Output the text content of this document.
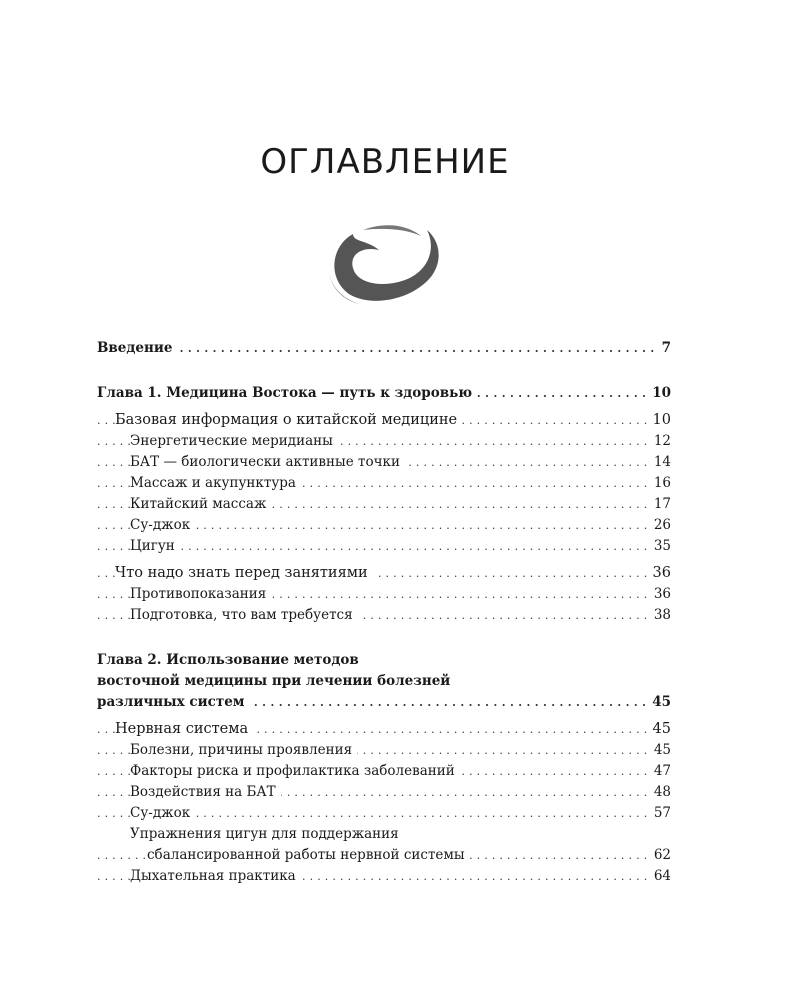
ОГЛАВЛЕНИЕ
. . . Введение	7
. . . Глава 1. Медицина Востока — путь к здоровью	10
. . . Базовая информация о китайской медицине	10
. . . Энергетические меридианы	12
. . . БАТ — биологически активные точки	14
. . . Массаж и акупунктура	16
. . . Китайский массаж	17
. . . Су-джок	26
. . . Цигун	35
. . . Что надо знать перед занятиями	36
. . . Противопоказания	36
. . . Подготовка, что вам требуется	38
Глава 2. Использование методов
восточной медицины при лечении болезней
. . . различных систем	45
. . . Нервная система	45
. . . Болезни, причины проявления	45
. . . Факторы риска и профилактика заболеваний	47
. . . Воздействия на БАТ	48
. . . Су-джок	57
Упражнения цигун для поддержания
. . . сбалансированной работы нервной системы	62
. . . Дыхательная практика	64
